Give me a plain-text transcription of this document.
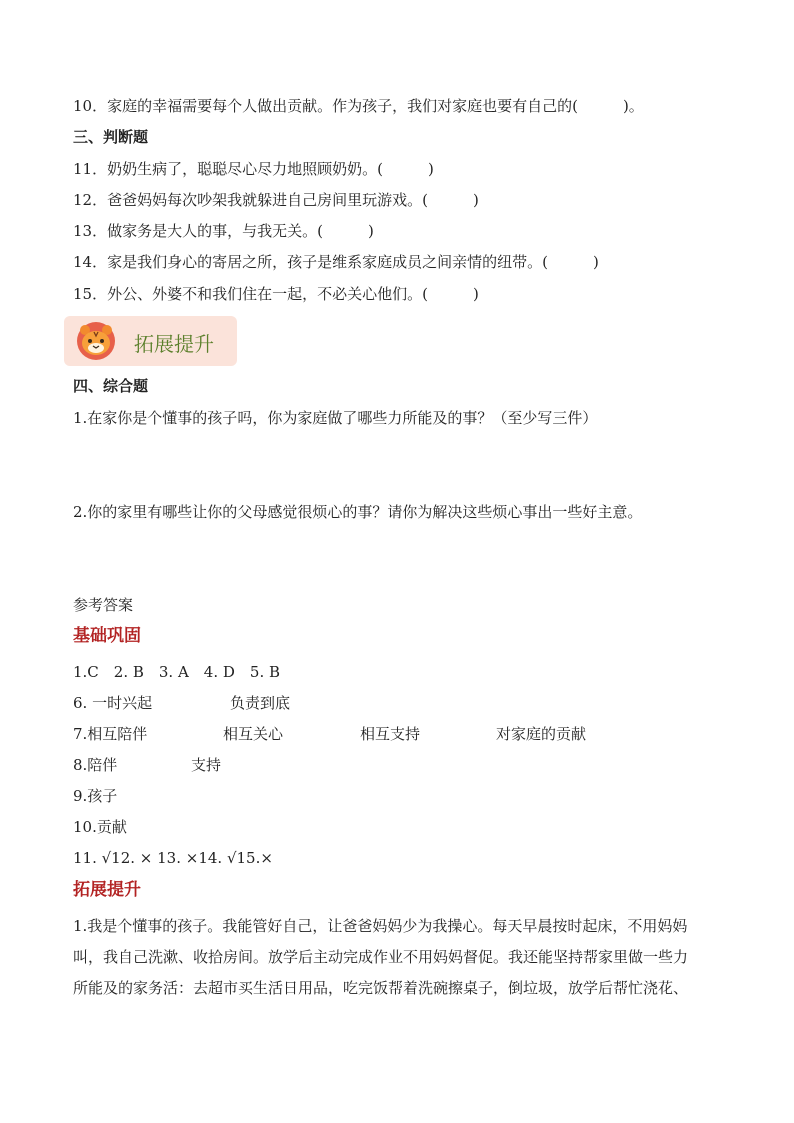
10．家庭的幸福需要每个人做出贡献。作为孩子，我们对家庭也要有自己的(　　　)。
三、判断题
11．奶奶生病了，聪聪尽心尽力地照顾奶奶。(　　　)
12．爸爸妈妈每次吵架我就躲进自己房间里玩游戏。(　　　)
13．做家务是大人的事，与我无关。(　　　)
14．家是我们身心的寄居之所，孩子是维系家庭成员之间亲情的纽带。(　　　)
15．外公、外婆不和我们住在一起，不必关心他们。(　　　)
拓展提升
四、综合题
1.在家你是个懂事的孩子吗，你为家庭做了哪些力所能及的事？（至少写三件）
2.你的家里有哪些让你的父母感觉很烦心的事？请你为解决这些烦心事出一些好主意。
参考答案
基础巩固
1.C　2. B　3. A　4. D　5. B
6. 一时兴起	负责到底
7.相互陪伴	相互关心	相互支持	对家庭的贡献
8.陪伴	支持
9.孩子
10.贡献
11. √12. × 13. ×14. √15.×
拓展提升
1.我是个懂事的孩子。我能管好自己，让爸爸妈妈少为我操心。每天早晨按时起床，不用妈妈
叫，我自己洗漱、收拾房间。放学后主动完成作业不用妈妈督促。我还能坚持帮家里做一些力
所能及的家务活：去超市买生活日用品，吃完饭帮着洗碗擦桌子，倒垃圾，放学后帮忙浇花、
